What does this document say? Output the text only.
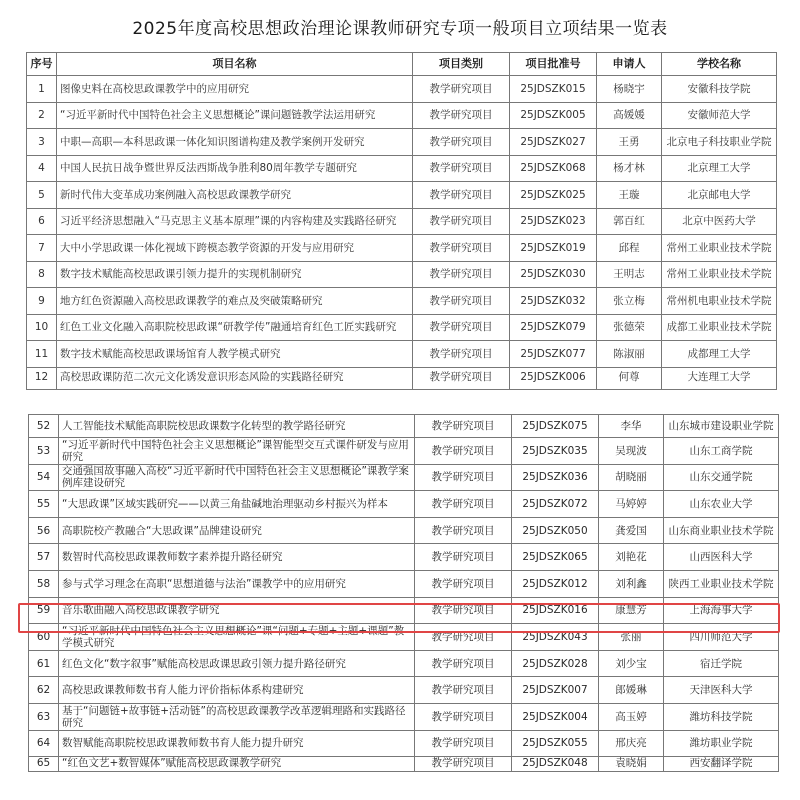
2025年度高校思想政治理论课教师研究专项一般项目立项结果一览表
序号	项目名称	项目类别	项目批准号	申请人	学校名称
1	图像史料在高校思政课教学中的应用研究	教学研究项目	25JDSZK015	杨晓宇	安徽科技学院
2	“习近平新时代中国特色社会主义思想概论”课问题链教学法运用研究	教学研究项目	25JDSZK005	高媛媛	安徽师范大学
3	中职—高职—本科思政课一体化知识图谱构建及教学案例开发研究	教学研究项目	25JDSZK027	王勇	北京电子科技职业学院
4	中国人民抗日战争暨世界反法西斯战争胜利80周年教学专题研究	教学研究项目	25JDSZK068	杨才林	北京理工大学
5	新时代伟大变革成功案例融入高校思政课教学研究	教学研究项目	25JDSZK025	王璇	北京邮电大学
6	习近平经济思想融入“马克思主义基本原理”课的内容构建及实践路径研究	教学研究项目	25JDSZK023	郭百红	北京中医药大学
7	大中小学思政课一体化视域下跨模态教学资源的开发与应用研究	教学研究项目	25JDSZK019	邱程	常州工业职业技术学院
8	数字技术赋能高校思政课引领力提升的实现机制研究	教学研究项目	25JDSZK030	王明志	常州工业职业技术学院
9	地方红色资源融入高校思政课教学的难点及突破策略研究	教学研究项目	25JDSZK032	张立梅	常州机电职业技术学院
10	红色工业文化融入高职院校思政课“研教学传”融通培育红色工匠实践研究	教学研究项目	25JDSZK079	张德荣	成都工业职业技术学院
11	数字技术赋能高校思政课场馆育人教学模式研究	教学研究项目	25JDSZK077	陈淑丽	成都理工大学
12	高校思政课防范二次元文化诱发意识形态风险的实践路径研究	教学研究项目	25JDSZK006	何尊	大连理工大学
52	人工智能技术赋能高职院校思政课数字化转型的教学路径研究	教学研究项目	25JDSZK075	李华	山东城市建设职业学院
53	“习近平新时代中国特色社会主义思想概论”课智能型交互式课件研发与应用研究	教学研究项目	25JDSZK035	吴现波	山东工商学院
54	交通强国故事融入高校“习近平新时代中国特色社会主义思想概论”课教学案例库建设研究	教学研究项目	25JDSZK036	胡晓丽	山东交通学院
55	“大思政课”区域实践研究——以黄三角盐碱地治理驱动乡村振兴为样本	教学研究项目	25JDSZK072	马婷婷	山东农业大学
56	高职院校产教融合“大思政课”品牌建设研究	教学研究项目	25JDSZK050	龚爱国	山东商业职业技术学院
57	数智时代高校思政课教师数字素养提升路径研究	教学研究项目	25JDSZK065	刘艳花	山西医科大学
58	参与式学习理念在高职“思想道德与法治”课教学中的应用研究	教学研究项目	25JDSZK012	刘利鑫	陕西工业职业技术学院
59	音乐歌曲融入高校思政课教学研究	教学研究项目	25JDSZK016	康慧芳	上海海事大学
60	“习近平新时代中国特色社会主义思想概论”课“问题+专题+主题+课题”教学模式研究	教学研究项目	25JDSZK043	张丽	四川师范大学
61	红色文化“数字叙事”赋能高校思政课思政引领力提升路径研究	教学研究项目	25JDSZK028	刘少宝	宿迁学院
62	高校思政课教师数书育人能力评价指标体系构建研究	教学研究项目	25JDSZK007	郎媛琳	天津医科大学
63	基于“问题链+故事链+活动链”的高校思政课教学改革逻辑理路和实践路径研究	教学研究项目	25JDSZK004	高玉婷	潍坊科技学院
64	数智赋能高职院校思政课教师数书育人能力提升研究	教学研究项目	25JDSZK055	邢庆亮	潍坊职业学院
65	“红色文艺+数智媒体”赋能高校思政课教学研究	教学研究项目	25JDSZK048	袁晓娟	西安翻译学院
